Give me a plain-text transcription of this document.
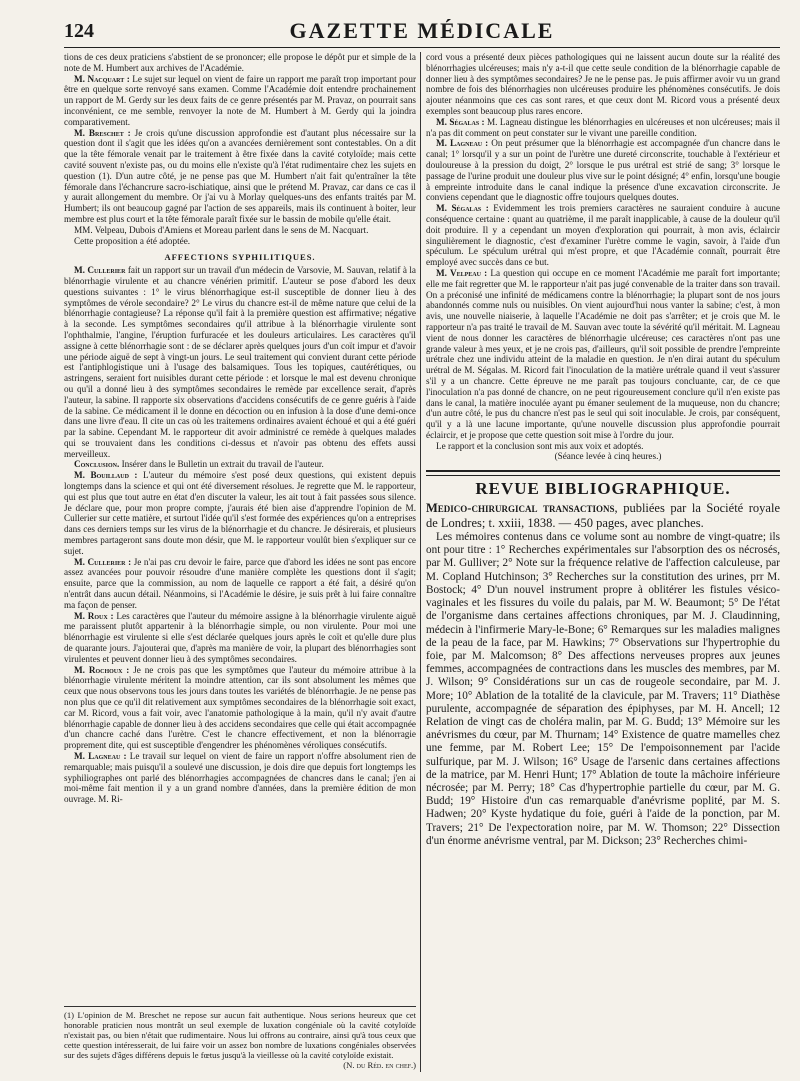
124	GAZETTE MÉDICALE

tions de ces deux praticiens s'abstient de se prononcer; elle propose le dépôt pur et simple de la note de M. Humbert aux archives de l'Académie.

M. Nacquart : Le sujet sur lequel on vient de faire un rapport me paraît trop important pour être en quelque sorte renvoyé sans examen. Comme l'Académie doit entendre prochainement un rapport de M. Gerdy sur les deux faits de ce genre présentés par M. Pravaz, on pourrait sans inconvénient, ce me semble, renvoyer la note de M. Humbert à M. Gerdy qui la joindra comparativement.

M. Breschet : Je crois qu'une discussion approfondie est d'autant plus nécessaire sur la question dont il s'agit que les idées qu'on a avancées dernièrement sont contestables. On a dit que la tête fémorale venait par le traitement à être fixée dans la cavité cotyloïde; mais cette cavité souvent n'existe pas, ou du moins elle n'existe qu'à l'état rudimentaire chez les sujets en question (1). D'un autre côté, je ne pense pas que M. Humbert n'ait fait qu'entraîner la tête fémorale dans l'échancrure sacro-ischiatique, ainsi que le prétend M. Pravaz, car dans ce cas il y aurait allongement du membre. Or j'ai vu à Morlay quelques-uns des enfants traités par M. Humbert; ils ont beaucoup gagné par l'action de ses appareils, mais ils continuent à boiter, leur membre est plus court et la tête fémorale paraît fixée sur le bassin de mobile qu'elle était.

MM. Velpeau, Dubois d'Amiens et Moreau parlent dans le sens de M. Nacquart.

Cette proposition a été adoptée.

AFFECTIONS SYPHILITIQUES.

M. Cullerier fait un rapport sur un travail d'un médecin de Varsovie, M. Sauvan, relatif à la blénorrhagie virulente et au chancre vénérien primitif. L'auteur se pose d'abord les deux questions suivantes : 1° le virus blénorrhagique est-il susceptible de donner lieu à des symptômes de vérole secondaire? 2° Le virus du chancre est-il de même nature que celui de la blénorrhagie contagieuse? La réponse qu'il fait à la première question est affirmative; négative à la seconde. Les symptômes secondaires qu'il attribue à la blénorrhagie virulente sont l'ophthalmie, l'angine, l'éruption furfuracée et les douleurs articulaires. Les caractères qu'il assigne à cette blénorrhagie sont : de se déclarer après quelques jours d'un coït impur et d'avoir une période aiguë de sept à vingt-un jours. Le seul traitement qui convient durant cette période est l'antiphlogistique uni à l'usage des balsamiques. Tous les topiques, cautérétiques, ou astringens, seraient fort nuisibles durant cette période : et lorsque le mal est devenu chronique ou qu'il a donné lieu à des symptômes secondaires le remède par excellence serait, d'après l'auteur, la sabine. Il rapporte six observations d'accidens consécutifs de ce genre guéris à l'aide de la sabine. Ce médicament il le donne en décoction ou en infusion à la dose d'une demi-once dans une livre d'eau. Il cite un cas où les traitemens ordinaires avaient échoué et qui a été guéri par la sabine. Cependant M. le rapporteur dit avoir administré ce remède à quelques malades qui se trouvaient dans les conditions ci-dessus et n'avoir pas obtenu des effets aussi merveilleux.

Conclusion. Insérer dans le Bulletin un extrait du travail de l'auteur.

M. Bouillaud : L'auteur du mémoire s'est posé deux questions, qui existent depuis longtemps dans la science et qui ont été diversement résolues. Je regrette que M. le rapporteur, qui est plus que tout autre en état d'en discuter la valeur, les ait tout à fait passées sous silence. Je déclare que, pour mon propre compte, j'aurais été bien aise d'apprendre l'opinion de M. Cullerier sur cette matière, et surtout l'idée qu'il s'est formée des expériences qu'on a entreprises dans ces derniers temps sur les virus de la blénorrhagie et du chancre. Je désirerais, et plusieurs membres partageront sans doute mon désir, que M. le rapporteur voulût bien s'expliquer sur ce sujet.

M. Cullerier : Je n'ai pas cru devoir le faire, parce que d'abord les idées ne sont pas encore assez avancées pour pouvoir résoudre d'une manière complète les questions dont il s'agit; ensuite, parce que la commission, au nom de laquelle ce rapport a été fait, a désiré qu'on n'entrât dans aucun détail. Néanmoins, si l'Académie le désire, je suis prêt à lui faire connaître ma façon de penser.

M. Roux : Les caractères que l'auteur du mémoire assigne à la blénorrhagie virulente aiguë me paraissent plutôt appartenir à la blénorrhagie simple, ou non virulente. Pour moi une blénorrhagie est virulente si elle s'est déclarée quelques jours après le coït et qu'elle dure plus de quarante jours. J'ajouterai que, d'après ma manière de voir, la plupart des blénorrhagies sont virulentes et peuvent donner lieu à des symptômes secondaires.

M. Rochoux : Je ne crois pas que les symptômes que l'auteur du mémoire attribue à la blénorrhagie virulente méritent la moindre attention, car ils sont absolument les mêmes que ceux que nous observons tous les jours dans toutes les variétés de blénorrhagie. Je ne pense pas non plus que ce qu'il dit relativement aux symptômes secondaires de la blénorrhagie soit exact, car M. Ricord, vous a fait voir, avec l'anatomie pathologique à la main, qu'il n'y avait d'autre blénorrhagie capable de donner lieu à des accidens secondaires que celle qui était accompagnée d'un chancre caché dans l'urètre. C'est le chancre effectivement, et non la blénorragie proprement dite, qui est susceptible d'engendrer les phénomènes véroliques consécutifs.

M. Lagneau : Le travail sur lequel on vient de faire un rapport n'offre absolument rien de remarquable; mais puisqu'il a soulevé une discussion, je dois dire que depuis fort longtemps les syphiliographes ont parlé des blénorrhagies accompagnées de chancres dans le canal; j'en ai moi-même fait mention il y a un grand nombre d'années, dans la première édition de mon ouvrage. M. Ri-

(1) L'opinion de M. Breschet ne repose sur aucun fait authentique. Nous serions heureux que cet honorable praticien nous montrât un seul exemple de luxation congéniale où la cavité cotyloïde n'existait pas, ou bien n'était que rudimentaire. Nous lui offrons au contraire, ainsi qu'à tous ceux que cette question intéresserait, de lui faire voir un assez bon nombre de luxations congéniales observées sur des sujets d'âges différens depuis le fœtus jusqu'à la vieillesse où la cavité cotyloïde existait.
(N. du Réd. en chef.)

cord vous a présenté deux pièces pathologiques qui ne laissent aucun doute sur la réalité des blénorrhagies ulcéreuses; mais n'y a-t-il que cette seule condition de la blénorrhagie capable de donner lieu à des symptômes secondaires? Je ne le pense pas. Je puis affirmer avoir vu un grand nombre de fois des blénorrhagies non ulcéreuses produire les phénomènes consécutifs. Je dois ajouter néanmoins que ces cas sont rares, et que ceux dont M. Ricord vous a présenté deux exemples sont beaucoup plus rares encore.

M. Ségalas : M. Lagneau distingue les blénorrhagies en ulcéreuses et non ulcéreuses; mais il n'a pas dit comment on peut constater sur le vivant une pareille condition.

M. Lagneau : On peut présumer que la blénorrhagie est accompagnée d'un chancre dans le canal; 1° lorsqu'il y a sur un point de l'urètre une dureté circonscrite, touchable à l'extérieur et douloureuse à la pression du doigt, 2° lorsque le pus urétral est strié de sang; 3° lorsque le passage de l'urine produit une douleur plus vive sur le point désigné; 4° enfin, lorsqu'une bougie à empreinte introduite dans le canal indique la présence d'une excavation circonscrite. Je conviens cependant que le diagnostic offre toujours quelques doutes.

M. Ségalas : Evidemment les trois premiers caractères ne sauraient conduire à aucune conséquence certaine : quant au quatrième, il me paraît inapplicable, à cause de la douleur qu'il doit produire. Il y a cependant un moyen d'exploration qui pourrait, à mon avis, éclaircir singulièrement le diagnostic, c'est d'examiner l'urètre comme le vagin, savoir, à l'aide d'un spéculum. Le spéculum urétral qui m'est propre, et que l'Académie connaît, pourrait être employé avec succès dans ce but.

M. Velpeau : La question qui occupe en ce moment l'Académie me paraît fort importante; elle me fait regretter que M. le rapporteur n'ait pas jugé convenable de la traiter dans son travail. On a préconisé une infinité de médicamens contre la blénorrhagie; la plupart sont de nos jours abandonnés comme nuls ou nuisibles. On vient aujourd'hui nous vanter la sabine; c'est, à mon avis, une nouvelle niaiserie, à laquelle l'Académie ne doit pas s'arrêter; et je crois que M. le rapporteur n'a pas traité le travail de M. Sauvan avec toute la sévérité qu'il méritait. M. Lagneau vient de nous donner les caractères de blénorrhagie ulcéreuse; ces caractères n'ont pas une grande valeur à mes yeux, et je ne crois pas, d'ailleurs, qu'il soit possible de prendre l'empreinte urétrale chez une individu atteint de la maladie en question. Je n'en dirai autant du spéculum urétral de M. Ségalas. M. Ricord fait l'inoculation de la matière urétrale quand il veut s'assurer s'il y a un chancre. Cette épreuve ne me paraît pas toujours concluante, car, de ce que l'inoculation n'a pas donné de chancre, on ne peut rigoureusement conclure qu'il n'en existe pas dans le canal, la matière inoculée ayant pu émaner seulement de la muqueuse, non du chancre; d'un autre côté, le pus du chancre n'est pas le seul qui soit inoculable. Je crois, par conséquent, qu'il y a là une lacune importante, qu'une nouvelle discussion plus approfondie pourrait éclaircir, et je propose que cette question soit mise à l'ordre du jour.

Le rapport et la conclusion sont mis aux voix et adoptés.

(Séance levée à cinq heures.)

REVUE BIBLIOGRAPHIQUE.

Medico-chirurgical transactions, publiées par la Société royale de Londres; t. xxiii, 1838. — 450 pages, avec planches.

Les mémoires contenus dans ce volume sont au nombre de vingt-quatre; ils ont pour titre : 1° Recherches expérimentales sur l'absorption des os nécrosés, par M. Gulliver; 2° Note sur la fréquence relative de l'affection calculeuse, par M. Copland Hutchinson; 3° Recherches sur la constitution des urines, prr M. Bostock; 4° D'un nouvel instrument propre à oblitérer les fistules vésico-vaginales et les fissures du voile du palais, par M. W. Beaumont; 5° De l'état de l'organisme dans certaines affections chroniques, par M. J. Claudinning, médecin à l'infirmerie Mary-le-Bone; 6° Remarques sur les maladies malignes de la peau de la face, par M. Hawkins; 7° Observations sur l'hypertrophie du foie, par M. Malcomson; 8° Des affections nerveuses propres aux jeunes femmes, accompagnées de contractions dans les muscles des membres, par M. J. Wilson; 9° Considérations sur un cas de rougeole secondaire, par M. J. More; 10° Ablation de la totalité de la clavicule, par M. Travers; 11° Diathèse purulente, accompagnée de séparation des épiphyses, par M. H. Ancell; 12 Relation de vingt cas de choléra malin, par M. G. Budd; 13° Mémoire sur les anévrismes du cœur, par M. Thurnam; 14° Existence de quatre mamelles chez une femme, par M. Robert Lee; 15° De l'empoisonnement par l'acide sulfurique, par M. J. Wilson; 16° Usage de l'arsenic dans certaines affections de la matrice, par M. Henri Hunt; 17° Ablation de toute la mâchoire inférieure nécrosée; par M. Perry; 18° Cas d'hypertrophie partielle du cœur, par M. G. Budd; 19° Histoire d'un cas remarquable d'anévrisme poplité, par M. S. Hadwen; 20° Kyste hydatique du foie, guéri à l'aide de la ponction, par M. Travers; 21° De l'expectoration noire, par M. W. Thomson; 22° Dissection d'un énorme anévrisme ventral, par M. Dickson; 23° Recherches chimi-
